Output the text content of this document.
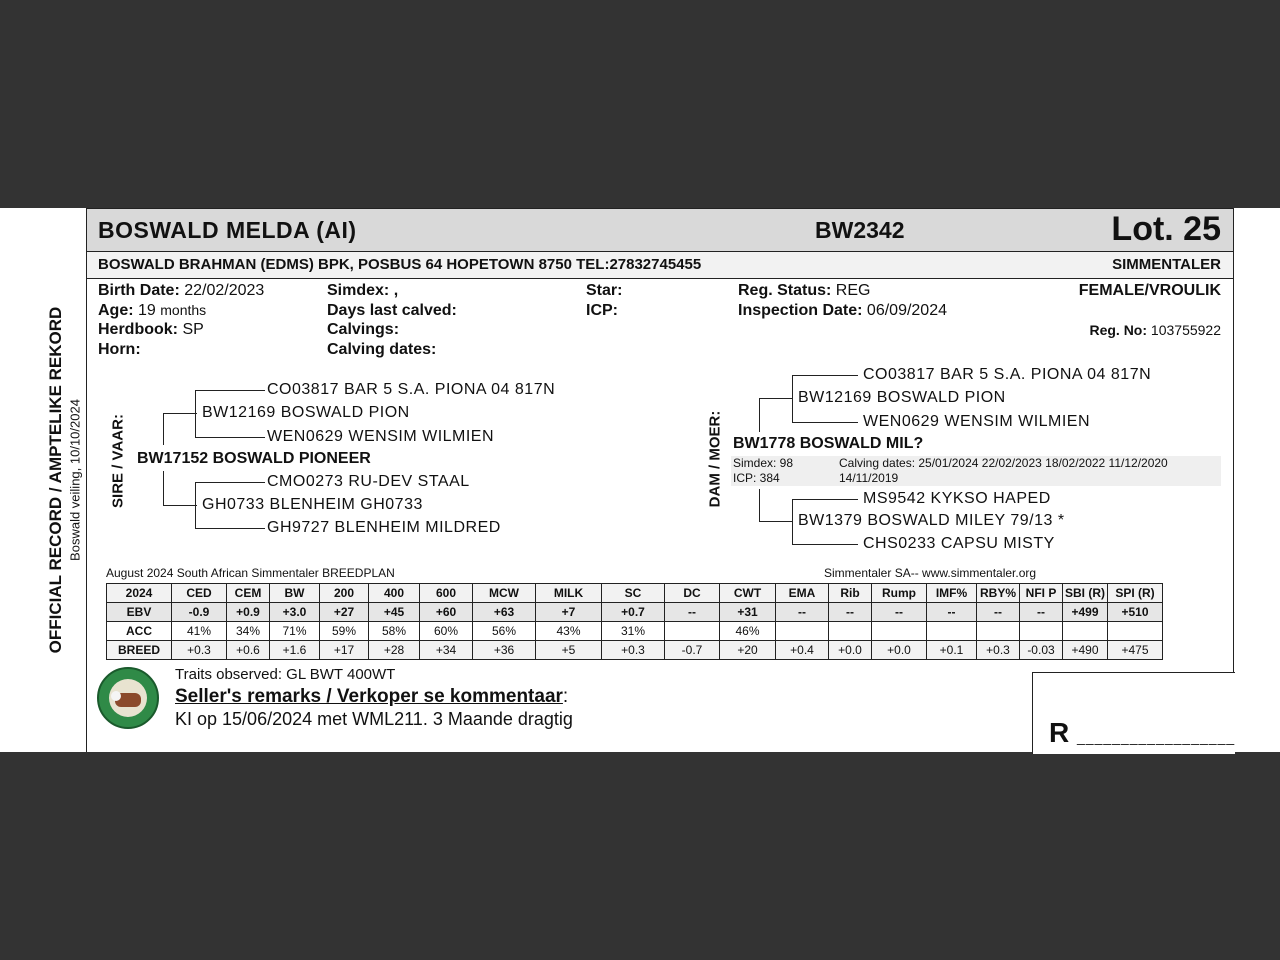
OFFICIAL RECORD / AMPTELIKE REKORD Boswald veiling, 10/10/2024
BOSWALD MELDA (AI)	BW2342	Lot. 25
BOSWALD BRAHMAN (EDMS) BPK, POSBUS 64 HOPETOWN 8750 TEL:27832745455	SIMMENTALER
Birth Date: 22/02/2023
Age: 19 months
Herdbook: SP
Horn:
Simdex: ,
Days last calved:
Calvings:
Calving dates:
Star:
ICP:
Reg. Status: REG
Inspection Date: 06/09/2024
FEMALE/VROULIK
Reg. No: 103755922
SIRE / VAAR:
CO03817 BAR 5 S.A. PIONA 04 817N
BW12169 BOSWALD PION
WEN0629 WENSIM WILMIEN
BW17152 BOSWALD PIONEER
CMO0273 RU-DEV STAAL
GH0733 BLENHEIM GH0733
GH9727 BLENHEIM MILDRED
DAM / MOER:
CO03817 BAR 5 S.A. PIONA 04 817N
BW12169 BOSWALD PION
WEN0629 WENSIM WILMIEN
BW1778 BOSWALD MIL?
Simdex: 98
ICP: 384
Calving dates: 25/01/2024 22/02/2023 18/02/2022 11/12/2020
14/11/2019
MS9542 KYKSO HAPED
BW1379 BOSWALD MILEY 79/13 *
CHS0233 CAPSU MISTY
August 2024 South African Simmentaler BREEDPLAN	Simmentaler SA-- www.simmentaler.org
2024	CED	CEM	BW	200	400	600	MCW	MILK	SC	DC	CWT	EMA	Rib	Rump	IMF%	RBY%	NFI P	SBI (R)	SPI (R)
EBV	-0.9	+0.9	+3.0	+27	+45	+60	+63	+7	+0.7	--	+31	--	--	--	--	--	--	+499	+510
ACC	41%	34%	71%	59%	58%	60%	56%	43%	31%		46%								
BREED	+0.3	+0.6	+1.6	+17	+28	+34	+36	+5	+0.3	-0.7	+20	+0.4	+0.0	+0.0	+0.1	+0.3	-0.03	+490	+475
Traits observed: GL BWT 400WT
Seller's remarks / Verkoper se kommentaar:
KI op 15/06/2024 met WML211. 3 Maande dragtig	R __________________
